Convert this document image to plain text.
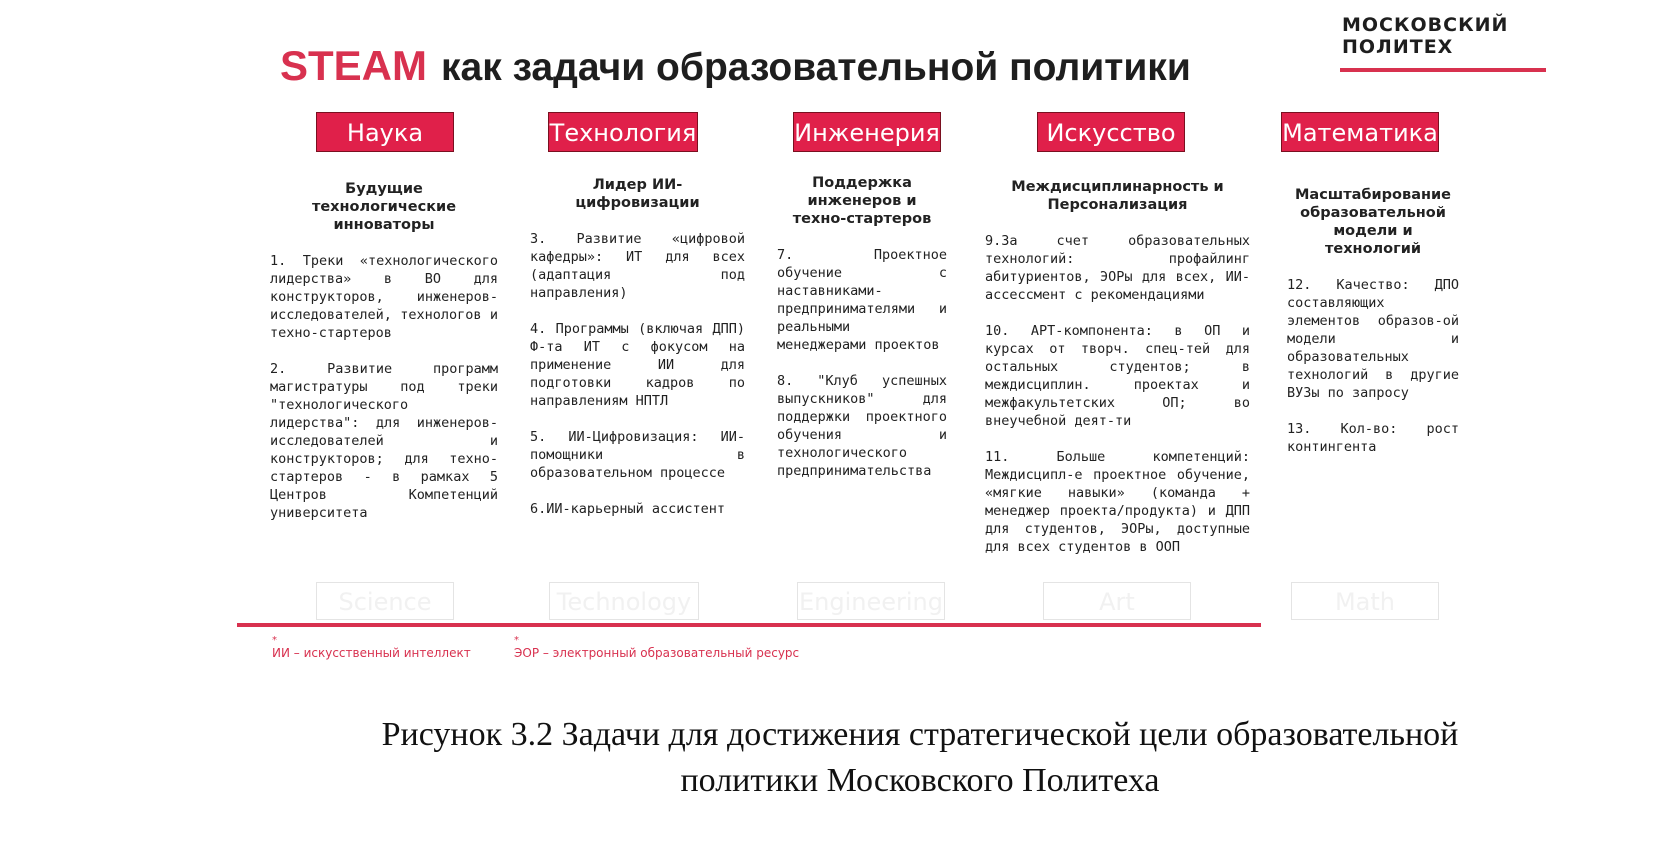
МОСКОВСКИЙ
ПОЛИТЕХ
STEAM как задачи образовательной политики
Наука
Будущие
технологические
инноваторы
1. Треки «технологического лидерства» в ВО для конструкторов, инженеров-исследователей, технологов и техно-стартеров
2. Развитие программ магистратуры под треки "технологического лидерства": для инженеров-исследователей и конструкторов; для техно-стартеров - в рамках 5 Центров Компетенций университета
Технология
Лидер ИИ-
цифровизации
3. Развитие «цифровой кафедры»: ИТ для всех (адаптация под направления)
4. Программы (включая ДПП) Ф-та ИТ с фокусом на применение ИИ для подготовки кадров по направлениям НПТЛ
5. ИИ-Цифровизация: ИИ-помощники в образовательном процессе
6.ИИ-карьерный ассистент
Инженерия
Поддержка
инженеров и
техно-стартеров
7. Проектное обучение с наставниками-предпринимателями и реальными менеджерами проектов
8. "Клуб успешных выпускников" для поддержки проектного обучения и технологического предпринимательства
Искусство
Междисциплинарность и
Персонализация
9.За счет образовательных технологий: профайлинг абитуриентов, ЭОРы для всех, ИИ-ассессмент с рекомендациями
10. АРТ-компонента: в ОП и курсах от творч. спец-тей для остальных студентов; в междисциплин. проектах и межфакультетских ОП; во внеучебной деят-ти
11. Больше компетенций: Междисципл-е проектное обучение, «мягкие навыки» (команда + менеджер проекта/продукта) и ДПП для студентов, ЭОРы, доступные для всех студентов в ООП
Математика
Масштабирование
образовательной
модели и
технологий
12. Качество: ДПО составляющих элементов образов-ой модели и образовательных технологий в другие ВУЗы по запросу
13. Кол-во: рост контингента
Science	Technology	Engineering	Art	Math
*
ИИ – искусственный интеллект
*
ЭОР – электронный образовательный ресурс
Рисунок 3.2 Задачи для достижения стратегической цели образовательной
политики Московского Политеха
